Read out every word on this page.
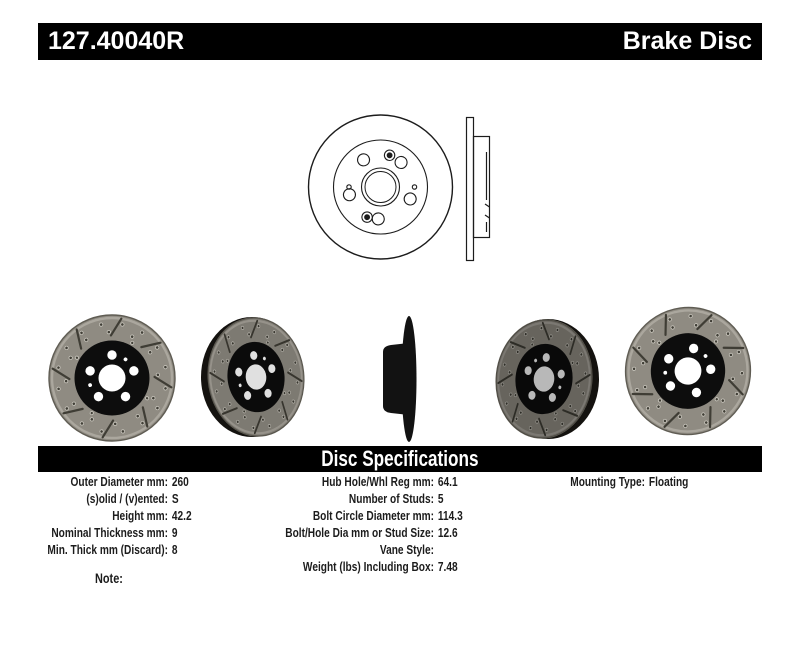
127.40040R	Brake Disc
Disc Specifications
Outer Diameter mm: 260
(s)olid / (v)ented: S
Height mm: 42.2
Nominal Thickness mm: 9
Min. Thick mm (Discard): 8
Hub Hole/Whl Reg mm: 64.1
Number of Studs: 5
Bolt Circle Diameter mm: 114.3
Bolt/Hole Dia mm or Stud Size: 12.6
Vane Style:
Weight (lbs) Including Box: 7.48
Mounting Type: Floating
Note:
